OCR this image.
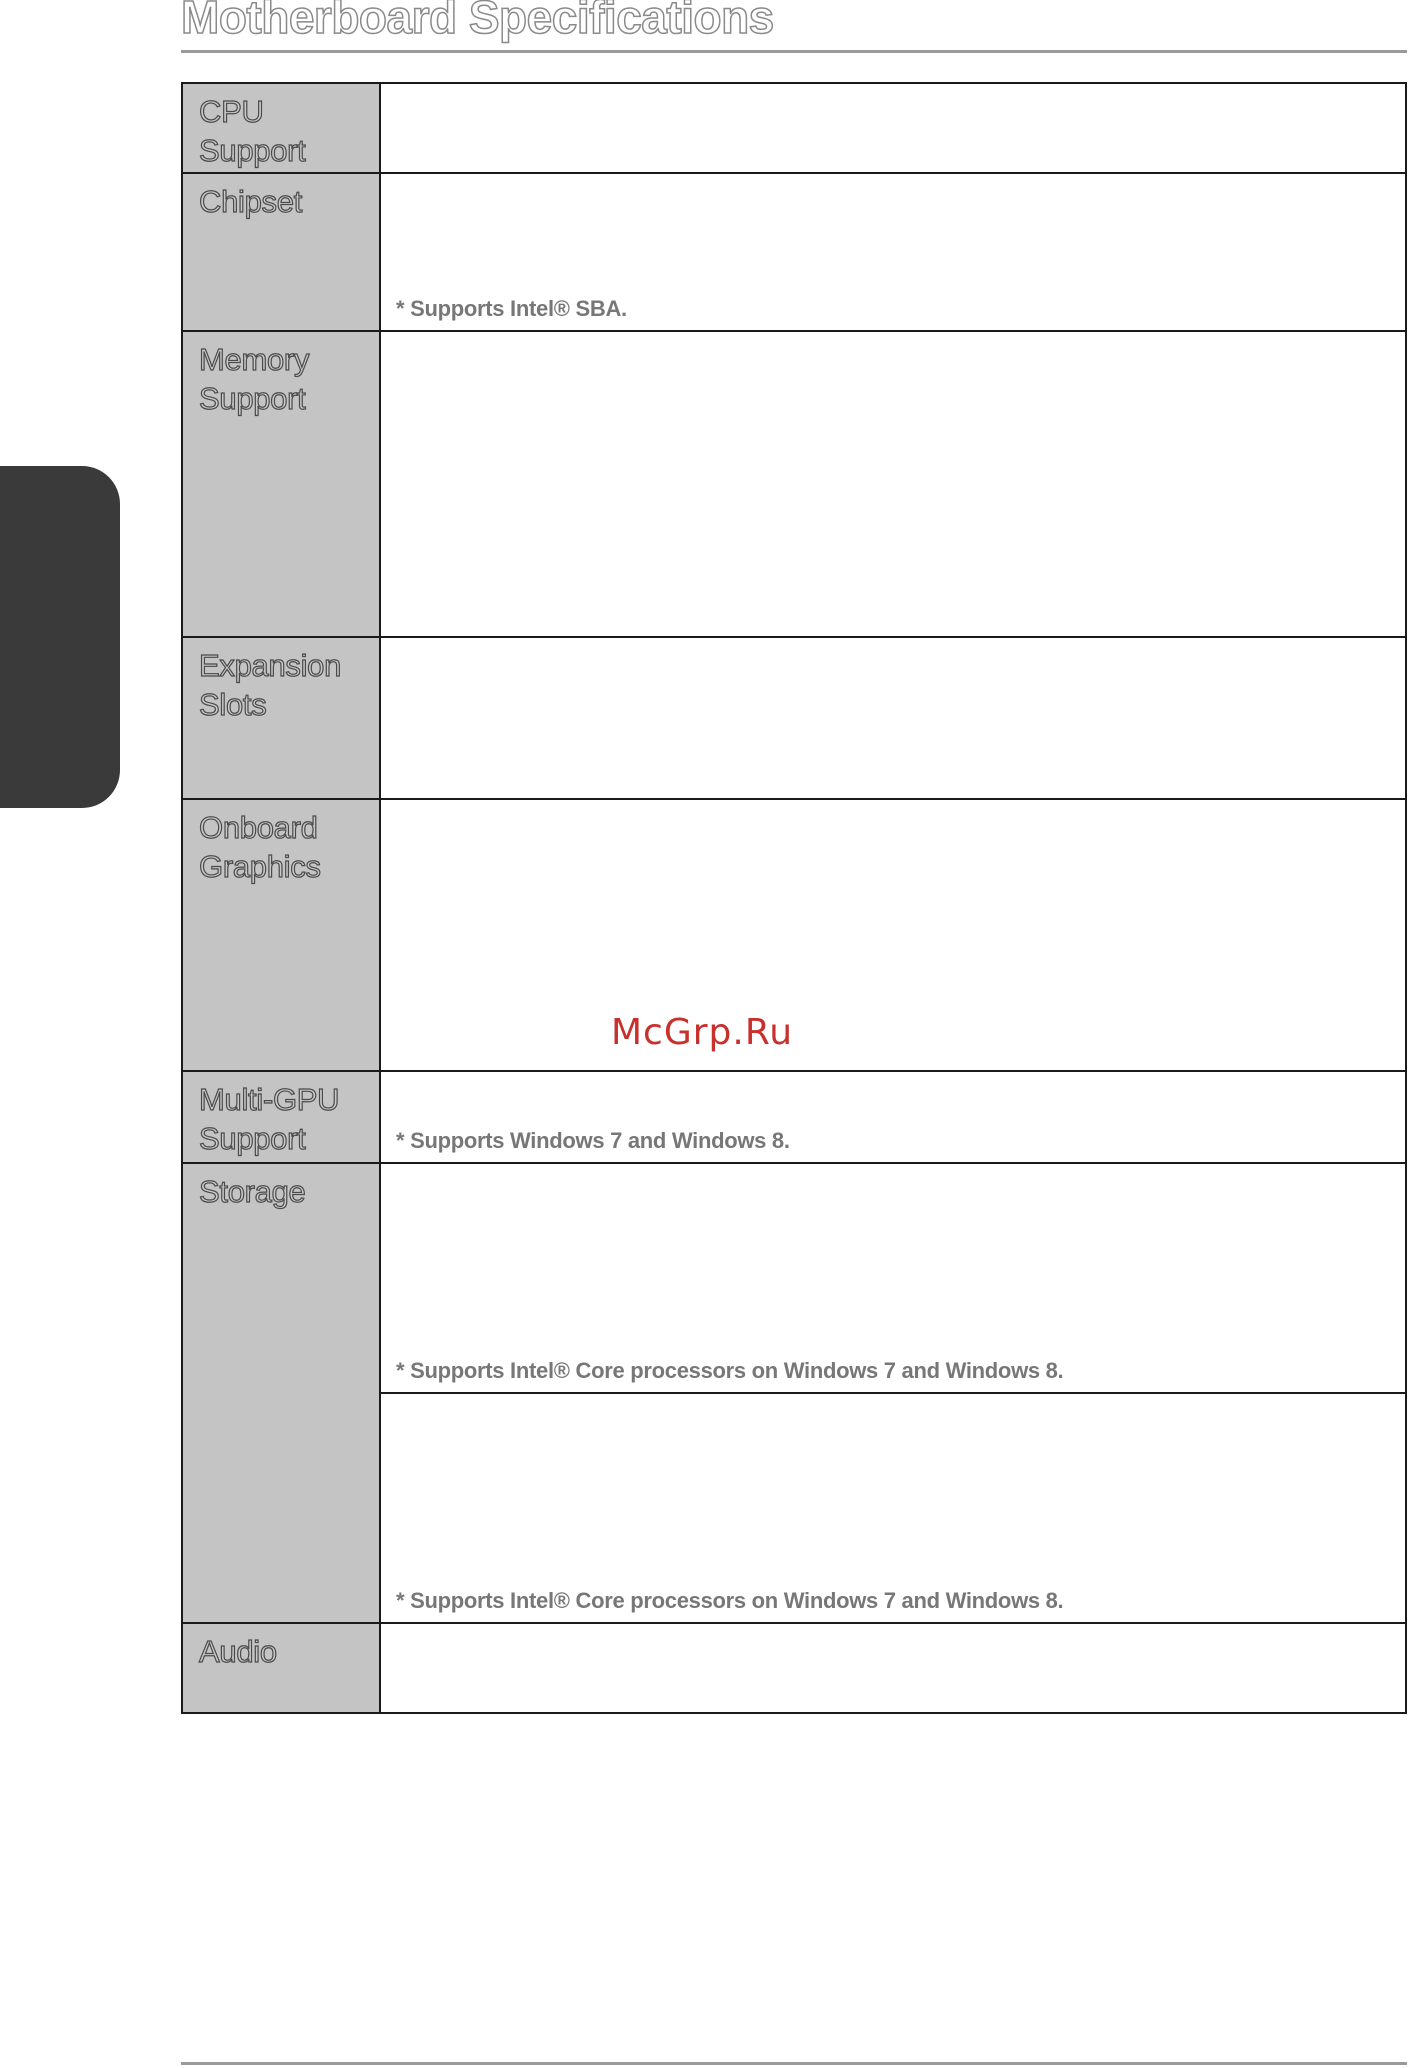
Motherboard Specifications
CPU
Support	

Chipset	* Supports Intel® SBA.

Memory
Support	

Expansion
Slots	

Onboard
Graphics	

Multi-GPU
Support	* Supports Windows 7 and Windows 8.

Storage	* Supports Intel® Core processors on Windows 7 and Windows 8.

	* Supports Intel® Core processors on Windows 7 and Windows 8.

Audio	

McGrp.Ru
